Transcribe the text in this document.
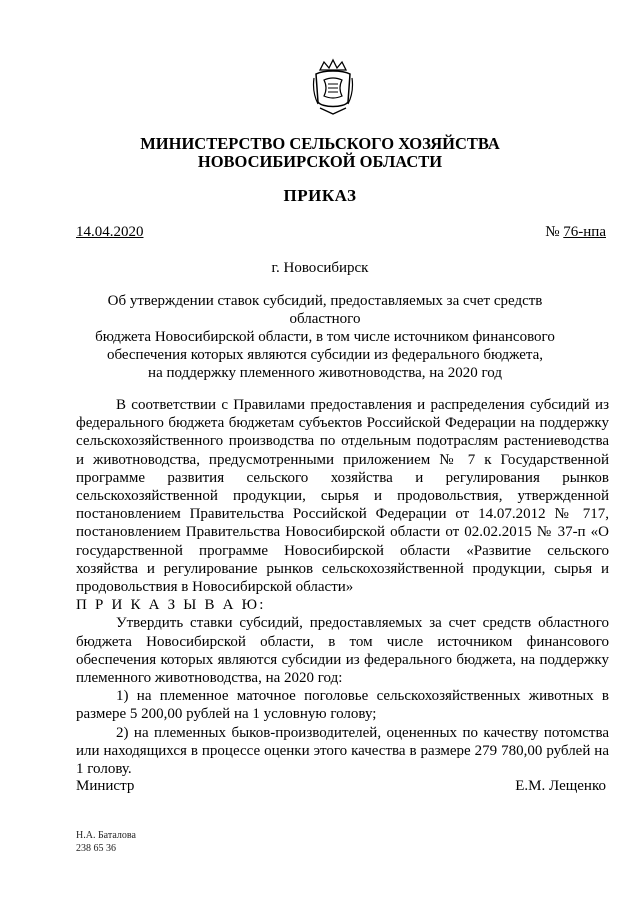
МИНИСТЕРСТВО СЕЛЬСКОГО ХОЗЯЙСТВА
НОВОСИБИРСКОЙ ОБЛАСТИ
ПРИКАЗ
14.04.2020	№ 76-нпа
г. Новосибирск
Об утверждении ставок субсидий, предоставляемых за счет средств областного
бюджета Новосибирской области, в том числе источником финансового
обеспечения которых являются субсидии из федерального бюджета,
на поддержку племенного животноводства, на 2020 год

В соответствии с Правилами предоставления и распределения субсидий из федерального бюджета бюджетам субъектов Российской Федерации на поддержку сельскохозяйственного производства по отдельным подотраслям растениеводства и животноводства, предусмотренными приложением № 7 к Государственной программе развития сельского хозяйства и регулирования рынков сельскохозяйственной продукции, сырья и продовольствия, утвержденной постановлением Правительства Российской Федерации от 14.07.2012 № 717, постановлением Правительства Новосибирской области от 02.02.2015 № 37-п «О государственной программе Новосибирской области «Развитие сельского хозяйства и регулирование рынков сельскохозяйственной продукции, сырья и продовольствия в Новосибирской области»

П Р И К А З Ы В А Ю:

Утвердить ставки субсидий, предоставляемых за счет средств областного бюджета Новосибирской области, в том числе источником финансового обеспечения которых являются субсидии из федерального бюджета, на поддержку племенного животноводства, на 2020 год:

1) на племенное маточное поголовье сельскохозяйственных животных в размере 5 200,00 рублей на 1 условную голову;

2) на племенных быков-производителей, оцененных по качеству потомства или находящихся в процессе оценки этого качества в размере 279 780,00 рублей на 1 голову.

Министр	Е.М. Лещенко
Н.А. Баталова
238 65 36
